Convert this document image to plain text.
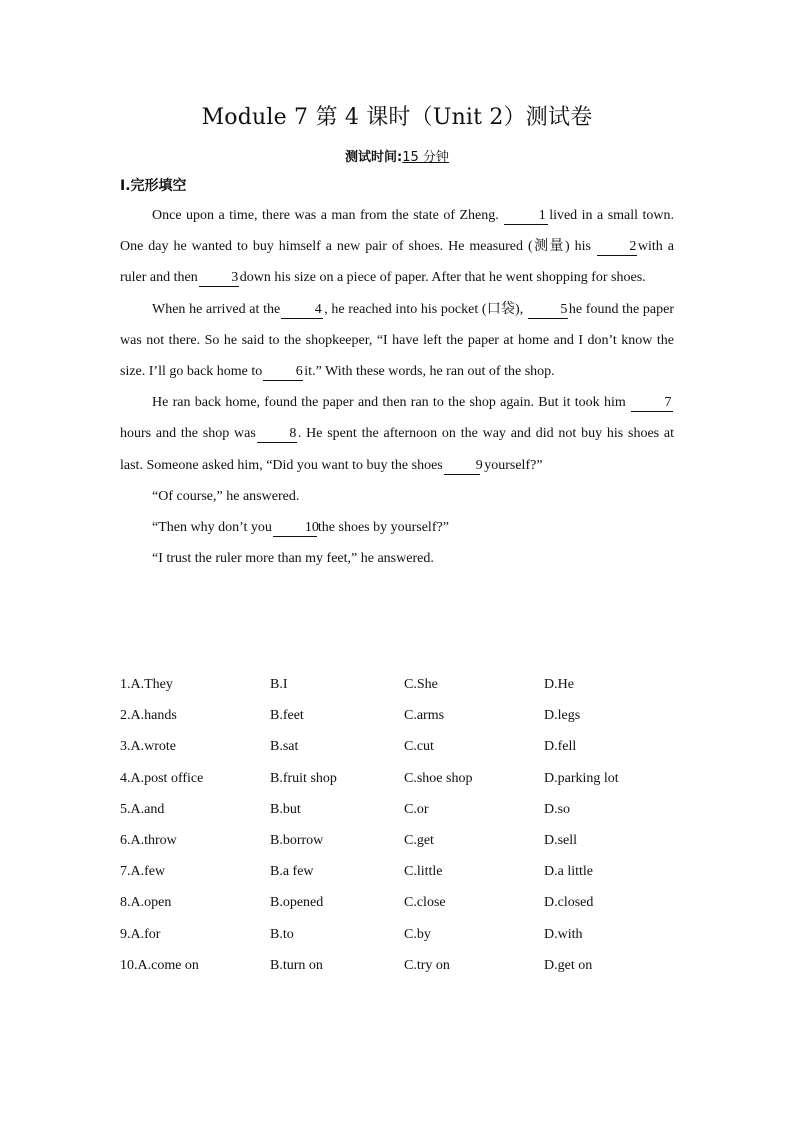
Module 7 第 4 课时（Unit 2）测试卷
测试时间:15 分钟
Ⅰ.完形填空

Once upon a time, there was a man from the state of Zheng.	1 lived in a small town. One day he wanted to buy himself a new pair of shoes. He measured (测量) his 2 with a ruler and then 3 down his size on a piece of paper. After that he went shopping for shoes.

When he arrived at the 4 , he reached into his pocket (口袋), 5 he found the paper was not there. So he said to the shopkeeper, “I have left the paper at home and I don’t know the size. I’ll go back home to 6 it.” With these words, he ran out of the shop.

He ran back home, found the paper and then ran to the shop again. But it took him 7hours and the shop was 8 . He spent the afternoon on the way and did not buy his shoes at last. Someone asked him, “Did you want to buy the shoes 9 yourself?”

“Of course,” he answered.

“Then why don’t you 10the shoes by yourself?”

“I trust the ruler more than my feet,” he answered.

1.A.They	B.I	C.She	D.He
2.A.hands	B.feet	C.arms	D.legs
3.A.wrote	B.sat	C.cut	D.fell
4.A.post office	B.fruit shop	C.shoe shop	D.parking lot
5.A.and	B.but	C.or	D.so
6.A.throw	B.borrow	C.get	D.sell
7.A.few	B.a few	C.little	D.a little
8.A.open	B.opened	C.close	D.closed
9.A.for	B.to	C.by	D.with
10.A.come on	B.turn on	C.try on	D.get on
